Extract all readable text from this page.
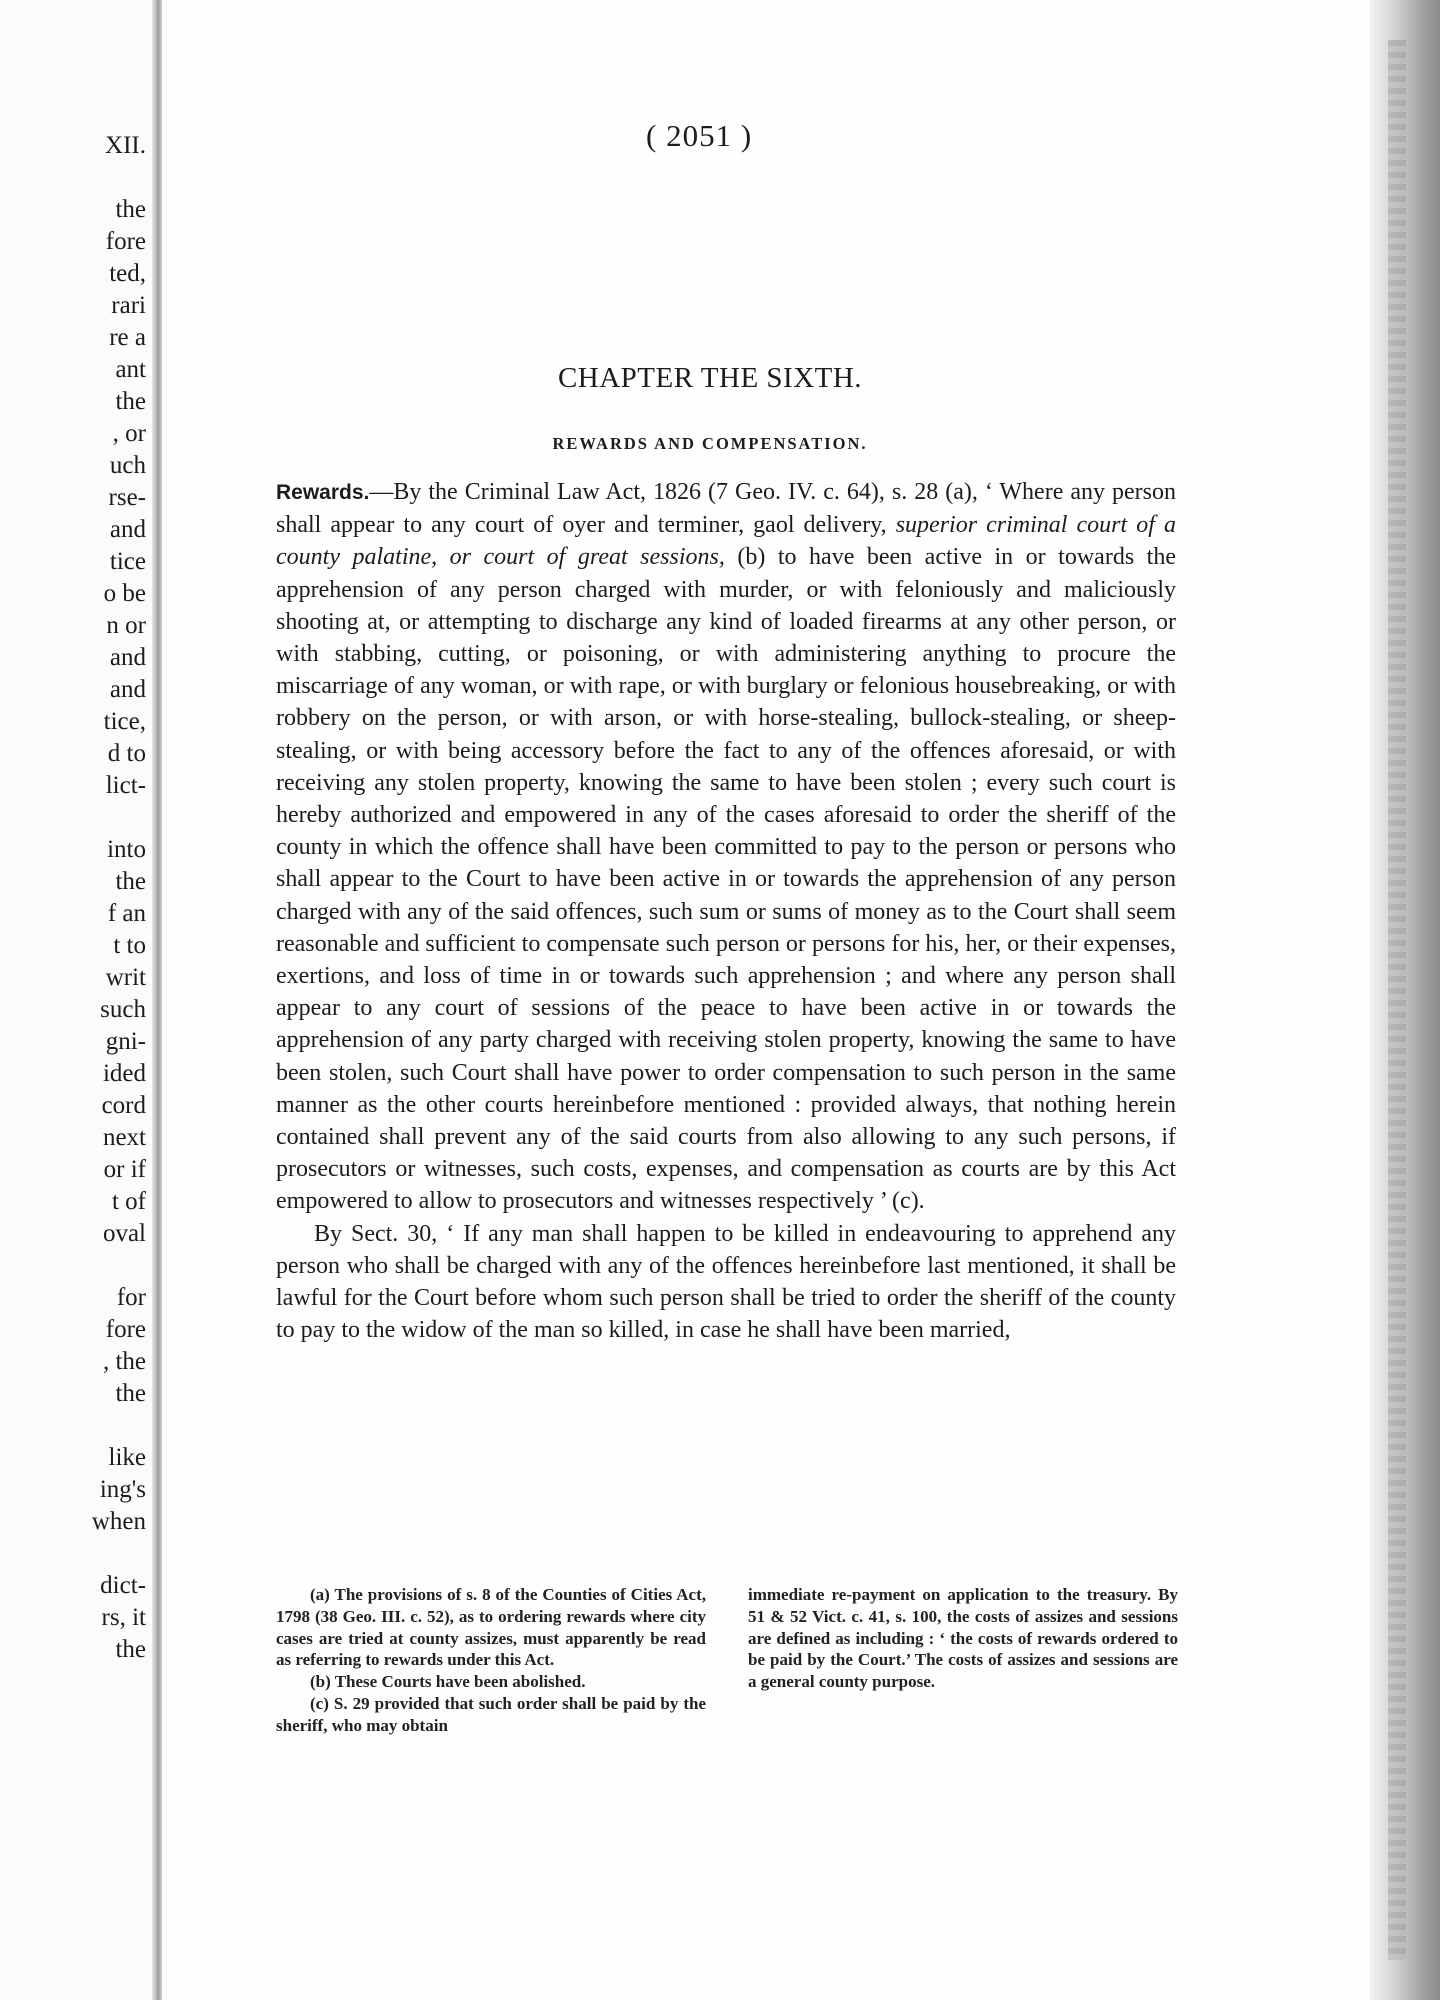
XII.
the
fore
ted,
rari
re a
ant
the
, or
uch
rse-
and
tice
o be
n or
and
and
tice,
d to
lict-
into
the
f an
t to
writ
such
gni-
ided
cord
next
or if
t of
oval
for
fore
, the
the
like
ing's
when
dict-
rs, it
the
( 2051 )
CHAPTER THE SIXTH.
REWARDS AND COMPENSATION.

Rewards.—By the Criminal Law Act, 1826 (7 Geo. IV. c. 64), s. 28 (a), ‘ Where any person shall appear to any court of oyer and terminer, gaol delivery, superior criminal court of a county palatine, or court of great sessions, (b) to have been active in or towards the apprehension of any person charged with murder, or with feloniously and maliciously shooting at, or attempting to discharge any kind of loaded firearms at any other person, or with stabbing, cutting, or poisoning, or with administering anything to procure the miscarriage of any woman, or with rape, or with burglary or felonious housebreaking, or with robbery on the person, or with arson, or with horse-stealing, bullock-stealing, or sheep-stealing, or with being accessory before the fact to any of the offences aforesaid, or with receiving any stolen property, knowing the same to have been stolen ; every such court is hereby authorized and empowered in any of the cases aforesaid to order the sheriff of the county in which the offence shall have been committed to pay to the person or persons who shall appear to the Court to have been active in or towards the apprehension of any person charged with any of the said offences, such sum or sums of money as to the Court shall seem reasonable and sufficient to compensate such person or persons for his, her, or their expenses, exertions, and loss of time in or towards such apprehension ; and where any person shall appear to any court of sessions of the peace to have been active in or towards the apprehension of any party charged with receiving stolen property, knowing the same to have been stolen, such Court shall have power to order compensation to such person in the same manner as the other courts hereinbefore mentioned : provided always, that nothing herein contained shall prevent any of the said courts from also allowing to any such persons, if prosecutors or witnesses, such costs, expenses, and compensation as courts are by this Act empowered to allow to prosecutors and witnesses respectively ’ (c).

By Sect. 30, ‘ If any man shall happen to be killed in endeavouring to apprehend any person who shall be charged with any of the offences hereinbefore last mentioned, it shall be lawful for the Court before whom such person shall be tried to order the sheriff of the county to pay to the widow of the man so killed, in case he shall have been married,

(a) The provisions of s. 8 of the Counties of Cities Act, 1798 (38 Geo. III. c. 52), as to ordering rewards where city cases are tried at county assizes, must apparently be read as referring to rewards under this Act.

(b) These Courts have been abolished.

(c) S. 29 provided that such order shall be paid by the sheriff, who may obtain

immediate re-payment on application to the treasury. By 51 & 52 Vict. c. 41, s. 100, the costs of assizes and sessions are defined as including : ‘ the costs of rewards ordered to be paid by the Court.’ The costs of assizes and sessions are a general county purpose.
